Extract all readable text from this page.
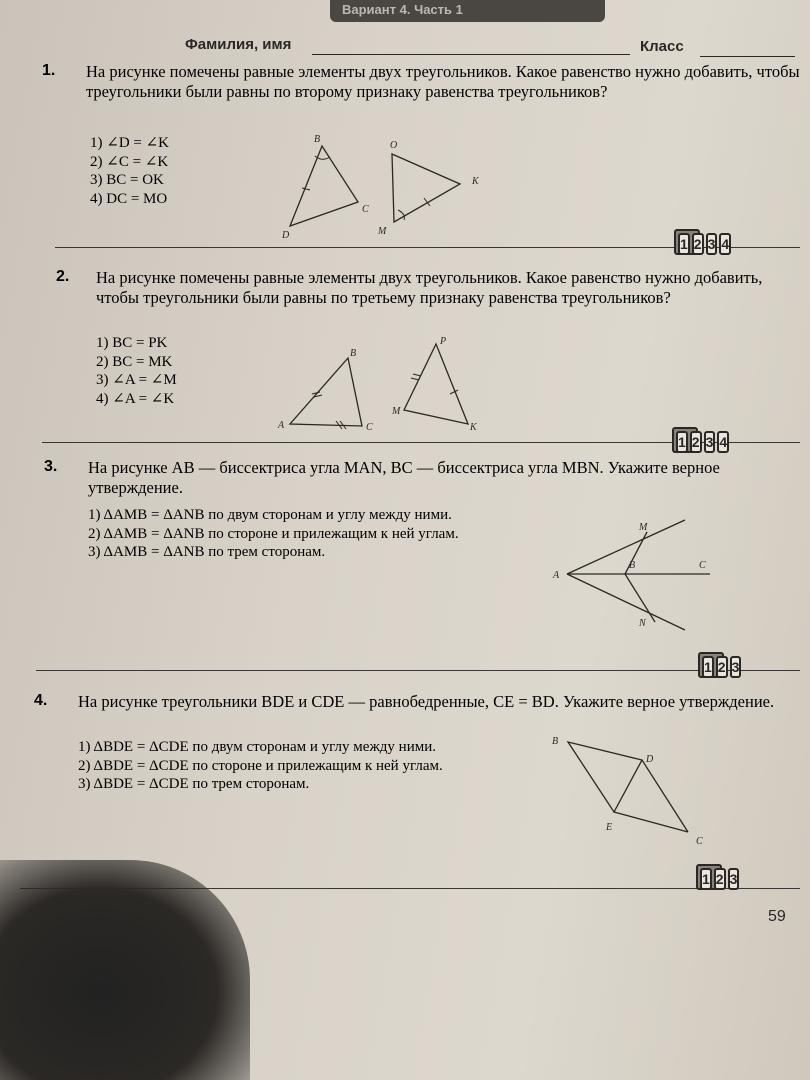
Вариант 4. Часть 1
Фамилия, имя	Класс
1. На рисунке помечены равные элементы двух треугольников. Какое равенство нужно добавить, чтобы треугольники были равны по второму признаку равенства треугольников?
1) ∠D = ∠K
2) ∠C = ∠K
3) BC = OK
4) DC = MO
B
D
C
O
K
M
1 2 3 4
2. На рисунке помечены равные элементы двух треугольников. Какое равенство нужно добавить, чтобы треугольники были равны по третьему признаку равенства треугольников?
1) BC = PK
2) BC = MK
3) ∠A = ∠M
4) ∠A = ∠K
B
A	C
P
M
K
1 2 3 4
3. На рисунке AB — биссектриса угла MAN, BC — биссектриса угла MBN. Укажите верное утверждение.
1) ΔAMB = ΔANB по двум сторонам и углу между ними.
2) ΔAMB = ΔANB по стороне и прилежащим к ней углам.
3) ΔAMB = ΔANB по трем сторонам.
M
A
B	C
N
1 2 3
4. На рисунке треугольники BDE и CDE — равнобедренные, CE = BD. Укажите верное утверждение.
1) ΔBDE = ΔCDE по двум сторонам и углу между ними.
2) ΔBDE = ΔCDE по стороне и прилежащим к ней углам.
3) ΔBDE = ΔCDE по трем сторонам.
B
D
E
C
1 2 3
59
